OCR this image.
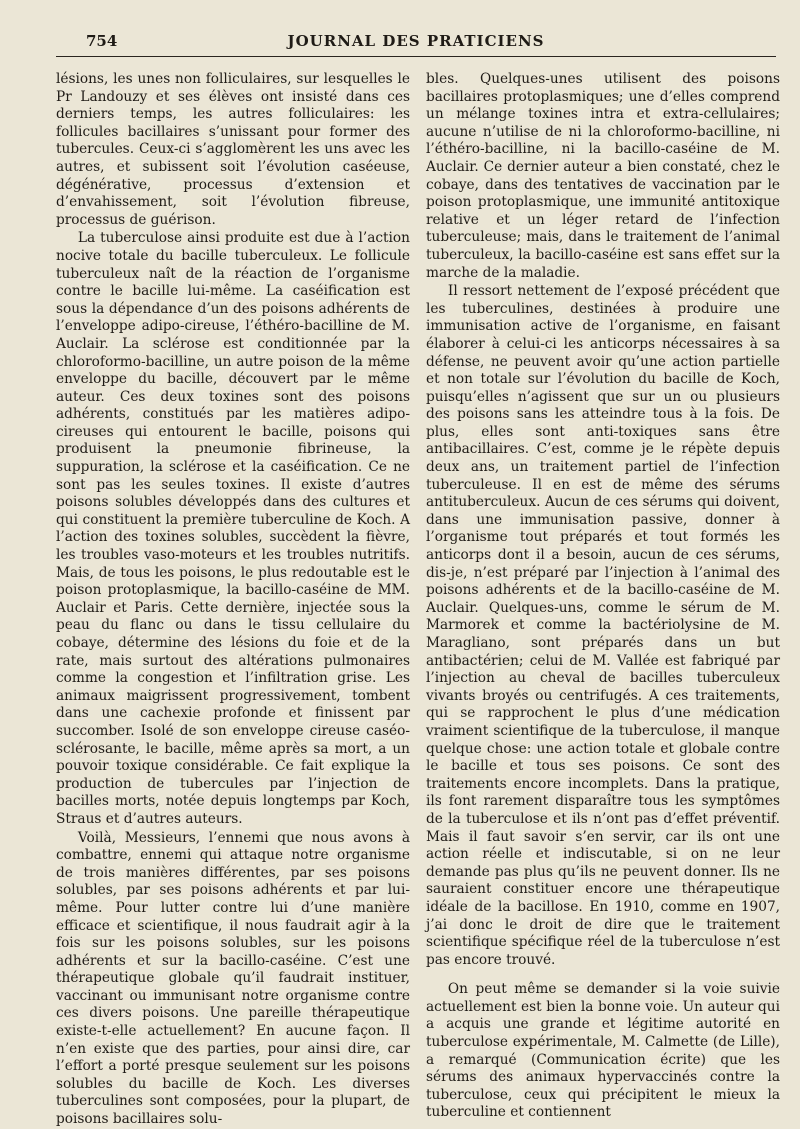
754	JOURNAL DES PRATICIENS

lésions, les unes non folliculaires, sur lesquelles le Pr Landouzy et ses élèves ont insisté dans ces derniers temps, les autres folliculaires: les follicules bacillaires s’unissant pour former des tubercules. Ceux-ci s’agglomèrent les uns avec les autres, et subissent soit l’évolution caséeuse, dégénérative, processus d’extension et d’envahissement, soit l’évolution fibreuse, processus de guérison.

La tuberculose ainsi produite est due à l’action nocive totale du bacille tuberculeux. Le follicule tuberculeux naît de la réaction de l’organisme contre le bacille lui-même. La caséification est sous la dépendance d’un des poisons adhérents de l’enveloppe adipo-cireuse, l’éthéro-bacilline de M. Auclair. La sclérose est conditionnée par la chloroformo-bacilline, un autre poison de la même enveloppe du bacille, découvert par le même auteur. Ces deux toxines sont des poisons adhérents, constitués par les matières adipo-cireuses qui entourent le bacille, poisons qui produisent la pneumonie fibrineuse, la suppuration, la sclérose et la caséification. Ce ne sont pas les seules toxines. Il existe d’autres poisons solubles développés dans des cultures et qui constituent la première tuberculine de Koch. A l’action des toxines solubles, succèdent la fièvre, les troubles vaso-moteurs et les troubles nutritifs. Mais, de tous les poisons, le plus redoutable est le poison protoplasmique, la bacillo-caséine de MM. Auclair et Paris. Cette dernière, injectée sous la peau du flanc ou dans le tissu cellulaire du cobaye, détermine des lésions du foie et de la rate, mais surtout des altérations pulmonaires comme la congestion et l’infiltration grise. Les animaux maigrissent progressivement, tombent dans une cachexie profonde et finissent par succomber. Isolé de son enveloppe cireuse caséo-sclérosante, le bacille, même après sa mort, a un pouvoir toxique considérable. Ce fait explique la production de tubercules par l’injection de bacilles morts, notée depuis longtemps par Koch, Straus et d’autres auteurs.

Voilà, Messieurs, l’ennemi que nous avons à combattre, ennemi qui attaque notre organisme de trois manières différentes, par ses poisons solubles, par ses poisons adhérents et par lui-même. Pour lutter contre lui d’une manière efficace et scientifique, il nous faudrait agir à la fois sur les poisons solubles, sur les poisons adhérents et sur la bacillo-caséine. C’est une thérapeutique globale qu’il faudrait instituer, vaccinant ou immunisant notre organisme contre ces divers poisons. Une pareille thérapeutique existe-t-elle actuellement? En aucune façon. Il n’en existe que des parties, pour ainsi dire, car l’effort a porté presque seulement sur les poisons solubles du bacille de Koch. Les diverses tuberculines sont composées, pour la plupart, de poisons bacillaires solu-

bles. Quelques-unes utilisent des poisons bacillaires protoplasmiques; une d’elles comprend un mélange toxines intra et extra-cellulaires; aucune n’utilise de ni la chloroformo-bacilline, ni l’éthéro-bacilline, ni la bacillo-caséine de M. Auclair. Ce dernier auteur a bien constaté, chez le cobaye, dans des tentatives de vaccination par le poison protoplasmique, une immunité antitoxique relative et un léger retard de l’infection tuberculeuse; mais, dans le traitement de l’animal tuberculeux, la bacillo-caséine est sans effet sur la marche de la maladie.

Il ressort nettement de l’exposé précédent que les tuberculines, destinées à produire une immunisation active de l’organisme, en faisant élaborer à celui-ci les anticorps nécessaires à sa défense, ne peuvent avoir qu’une action partielle et non totale sur l’évolution du bacille de Koch, puisqu’elles n’agissent que sur un ou plusieurs des poisons sans les atteindre tous à la fois. De plus, elles sont anti-toxiques sans être antibacillaires. C’est, comme je le répète depuis deux ans, un traitement partiel de l’infection tuberculeuse. Il en est de même des sérums antituberculeux. Aucun de ces sérums qui doivent, dans une immunisation passive, donner à l’organisme tout préparés et tout formés les anticorps dont il a besoin, aucun de ces sérums, dis-je, n’est préparé par l’injection à l’animal des poisons adhérents et de la bacillo-caséine de M. Auclair. Quelques-uns, comme le sérum de M. Marmorek et comme la bactériolysine de M. Maragliano, sont préparés dans un but antibactérien; celui de M. Vallée est fabriqué par l’injection au cheval de bacilles tuberculeux vivants broyés ou centrifugés. A ces traitements, qui se rapprochent le plus d’une médication vraiment scientifique de la tuberculose, il manque quelque chose: une action totale et globale contre le bacille et tous ses poisons. Ce sont des traitements encore incomplets. Dans la pratique, ils font rarement disparaître tous les symptômes de la tuberculose et ils n’ont pas d’effet préventif. Mais il faut savoir s’en servir, car ils ont une action réelle et indiscutable, si on ne leur demande pas plus qu’ils ne peuvent donner. Ils ne sauraient constituer encore une thérapeutique idéale de la bacillose. En 1910, comme en 1907, j’ai donc le droit de dire que le traitement scientifique spécifique réel de la tuberculose n’est pas encore trouvé.

On peut même se demander si la voie suivie actuellement est bien la bonne voie. Un auteur qui a acquis une grande et légitime autorité en tuberculose expérimentale, M. Calmette (de Lille), a remarqué (Communication écrite) que les sérums des animaux hypervaccinés contre la tuberculose, ceux qui précipitent le mieux la tuberculine et contiennent
